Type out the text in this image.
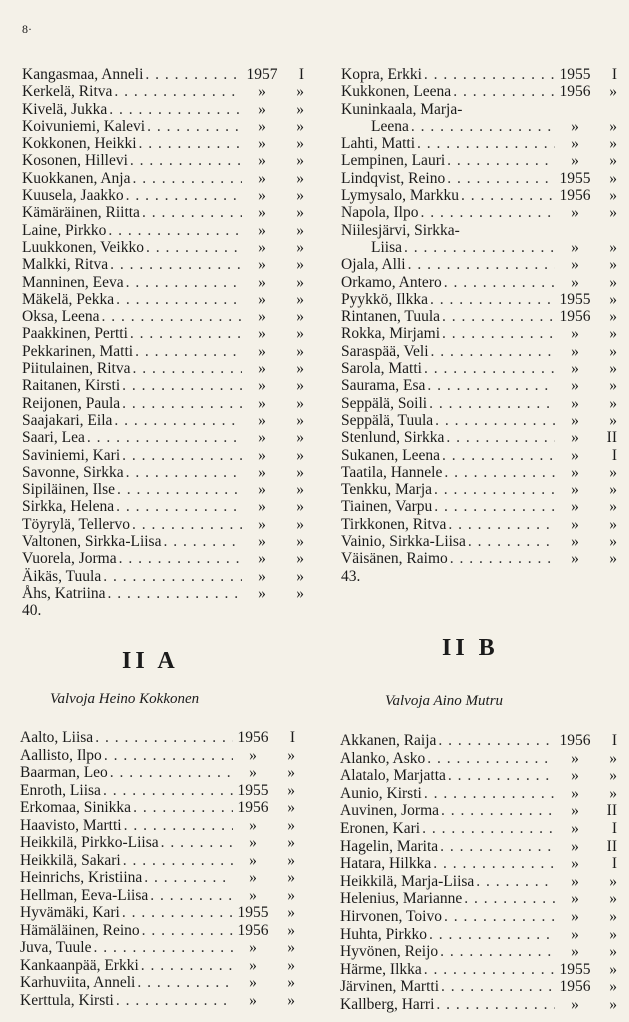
8·
Kangasmaa, Anneli . . .	1957	I
Kerkelä, Ritva . . .	»	»
Kivelä, Jukka . . .	»	»
Koivuniemi, Kalevi . . .	»	»
Kokkonen, Heikki . . .	»	»
Kosonen, Hillevi . . .	»	»
Kuokkanen, Anja . . .	»	»
Kuusela, Jaakko . . .	»	»
Kämäräinen, Riitta . . .	»	»
Laine, Pirkko . . .	»	»
Luukkonen, Veikko . . .	»	»
Malkki, Ritva . . .	»	»
Manninen, Eeva . . .	»	»
Mäkelä, Pekka . . .	»	»
Oksa, Leena . . .	»	»
Paakkinen, Pertti . . .	»	»
Pekkarinen, Matti . . .	»	»
Piitulainen, Ritva . . .	»	»
Raitanen, Kirsti . . .	»	»
Reijonen, Paula . . .	»	»
Saajakari, Eila . . .	»	»
Saari, Lea . . .	»	»
Saviniemi, Kari . . .	»	»
Savonne, Sirkka . . .	»	»
Sipiläinen, Ilse . . .	»	»
Sirkka, Helena . . .	»	»
Töyrylä, Tellervo . . .	»	»
Valtonen, Sirkka-Liisa . . .	»	»
Vuorela, Jorma . . .	»	»
Äikäs, Tuula . . .	»	»
Åhs, Katriina . . .	»	»
40.
Kopra, Erkki . . .	1955	I
Kukkonen, Leena . . .	1956	»
Kuninkaala, Marja-
Leena . . .	»	»
Lahti, Matti . . .	»	»
Lempinen, Lauri . . .	»	»
Lindqvist, Reino . . .	1955	»
Lymysalo, Markku . . .	1956	»
Napola, Ilpo . . .	»	»
Niilesjärvi, Sirkka-
Liisa . . .	»	»
Ojala, Alli . . .	»	»
Orkamo, Antero . . .	»	»
Pyykkö, Ilkka . . .	1955	»
Rintanen, Tuula . . .	1956	»
Rokka, Mirjami . . .	»	»
Saraspää, Veli . . .	»	»
Sarola, Matti . . .	»	»
Saurama, Esa . . .	»	»
Seppälä, Soili . . .	»	»
Seppälä, Tuula . . .	»	»
Stenlund, Sirkka . . .	»	II
Sukanen, Leena . . .	»	I
Taatila, Hannele . . .	»	»
Tenkku, Marja . . .	»	»
Tiainen, Varpu . . .	»	»
Tirkkonen, Ritva . . .	»	»
Vainio, Sirkka-Liisa . . .	»	»
Väisänen, Raimo . . .	»	»
43.
II A
Valvoja Heino Kokkonen
II B
Valvoja Aino Mutru
Aalto, Liisa . . .	1956	I
Aallisto, Ilpo . . .	»	»
Baarman, Leo . . .	»	»
Enroth, Liisa . . .	1955	»
Erkomaa, Sinikka . . .	1956	»
Haavisto, Martti . . .	»	»
Heikkilä, Pirkko-Liisa . . .	»	»
Heikkilä, Sakari . . .	»	»
Heinrichs, Kristiina . . .	»	»
Hellman, Eeva-Liisa . . .	»	»
Hyvämäki, Kari . . .	1955	»
Hämäläinen, Reino . . .	1956	»
Juva, Tuule . . .	»	»
Kankaanpää, Erkki . . .	»	»
Karhuviita, Anneli . . .	»	»
Kerttula, Kirsti . . .	»	»
Akkanen, Raija . . .	1956	I
Alanko, Asko . . .	»	»
Alatalo, Marjatta . . .	»	»
Aunio, Kirsti . . .	»	»
Auvinen, Jorma . . .	»	II
Eronen, Kari . . .	»	I
Hagelin, Marita . . .	»	II
Hatara, Hilkka . . .	»	I
Heikkilä, Marja-Liisa . . .	»	»
Helenius, Marianne . . .	»	»
Hirvonen, Toivo . . .	»	»
Huhta, Pirkko . . .	»	»
Hyvönen, Reijo . . .	»	»
Härme, Ilkka . . .	1955	»
Järvinen, Martti . . .	1956	»
Kallberg, Harri . . .	»	»
